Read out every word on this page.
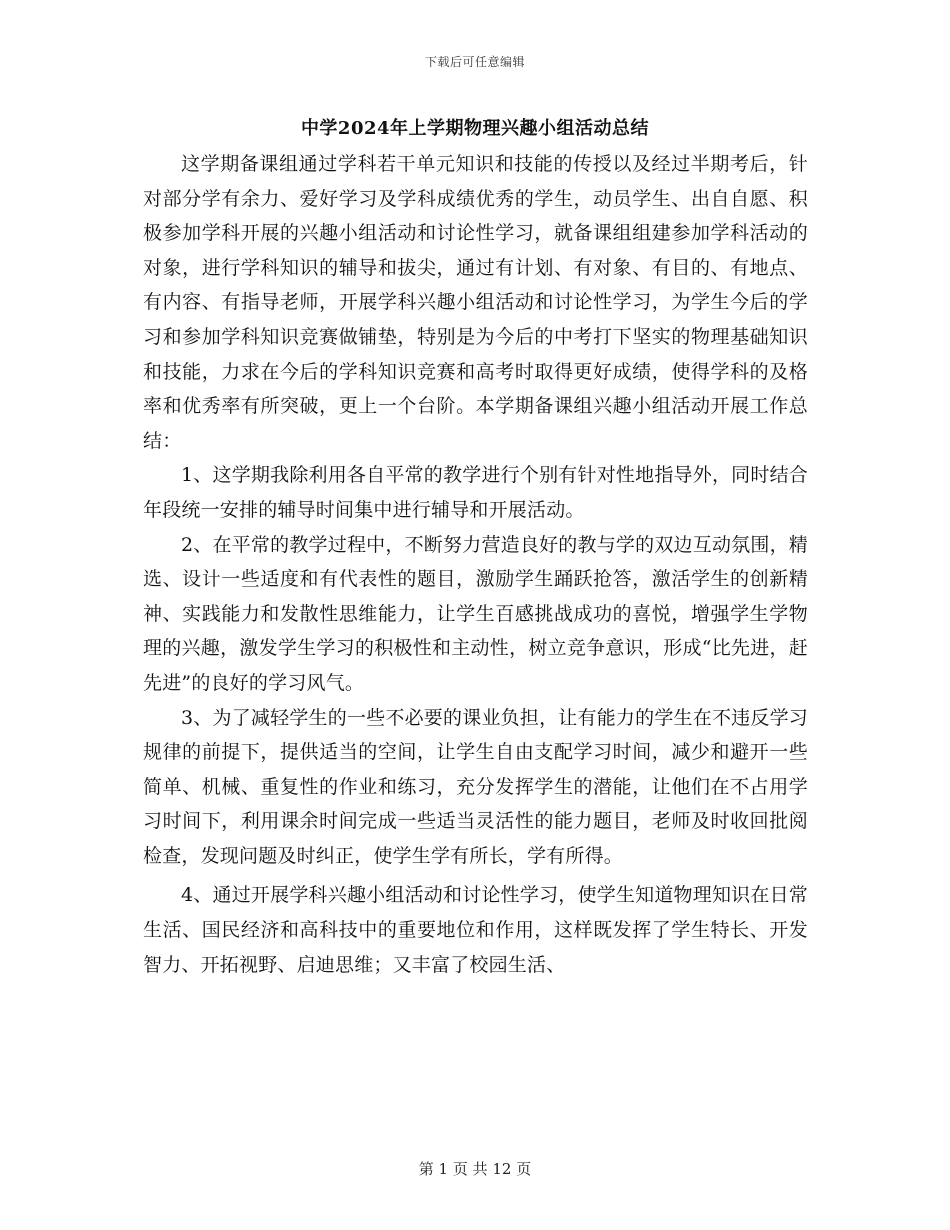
下载后可任意编辑
中学2024年上学期物理兴趣小组活动总结

这学期备课组通过学科若干单元知识和技能的传授以及经过半期考后，针对部分学有余力、爱好学习及学科成绩优秀的学生，动员学生、出自自愿、积极参加学科开展的兴趣小组活动和讨论性学习，就备课组组建参加学科活动的对象，进行学科知识的辅导和拔尖，通过有计划、有对象、有目的、有地点、有内容、有指导老师，开展学科兴趣小组活动和讨论性学习，为学生今后的学习和参加学科知识竞赛做铺垫，特别是为今后的中考打下坚实的物理基础知识和技能，力求在今后的学科知识竞赛和高考时取得更好成绩，使得学科的及格率和优秀率有所突破，更上一个台阶。本学期备课组兴趣小组活动开展工作总结：

1、这学期我除利用各自平常的教学进行个别有针对性地指导外，同时结合年段统一安排的辅导时间集中进行辅导和开展活动。

2、在平常的教学过程中，不断努力营造良好的教与学的双边互动氛围，精选、设计一些适度和有代表性的题目，激励学生踊跃抢答，激活学生的创新精神、实践能力和发散性思维能力，让学生百感挑战成功的喜悦，增强学生学物理的兴趣，激发学生学习的积极性和主动性，树立竞争意识，形成“比先进，赶先进”的良好的学习风气。

3、为了减轻学生的一些不必要的课业负担，让有能力的学生在不违反学习规律的前提下，提供适当的空间，让学生自由支配学习时间，减少和避开一些简单、机械、重复性的作业和练习，充分发挥学生的潜能，让他们在不占用学习时间下，利用课余时间完成一些适当灵活性的能力题目，老师及时收回批阅检查，发现问题及时纠正，使学生学有所长，学有所得。

4、通过开展学科兴趣小组活动和讨论性学习，使学生知道物理知识在日常生活、国民经济和高科技中的重要地位和作用，这样既发挥了学生特长、开发智力、开拓视野、启迪思维；又丰富了校园生活、

第 1 页 共 12 页
